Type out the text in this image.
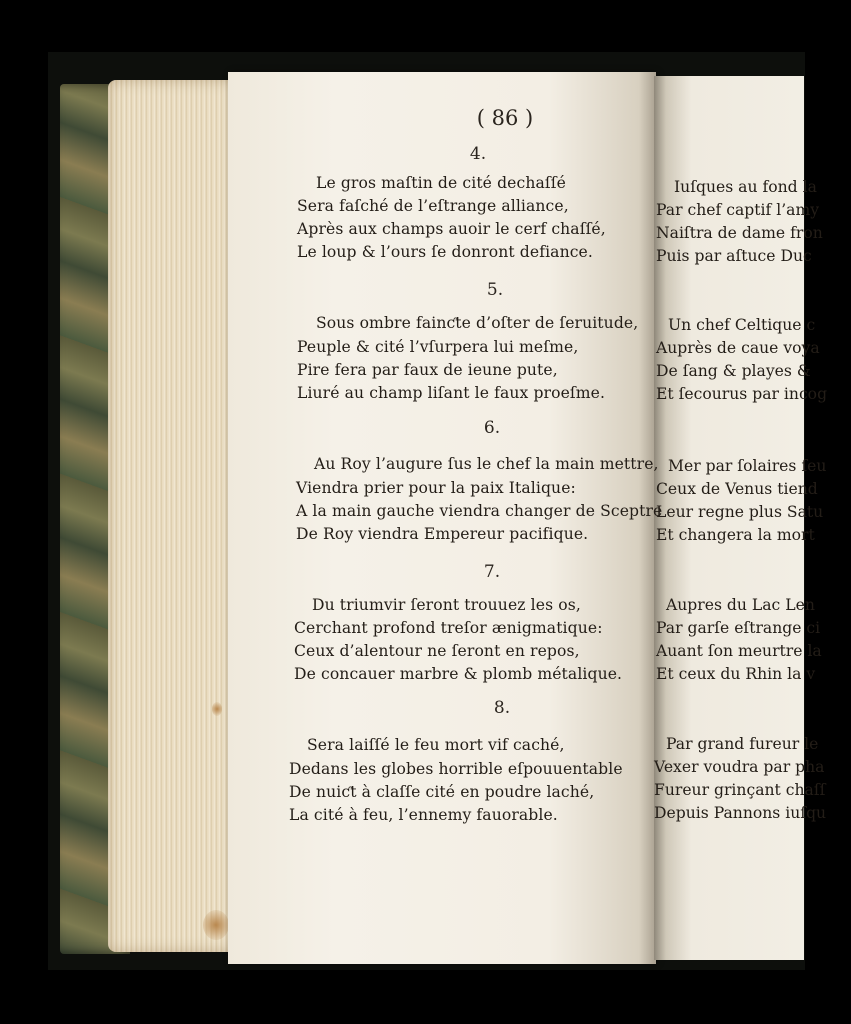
Iuſques au fond la
Par chef captif l’amy
Naiſtra de dame fron
Puis par aſtuce Duc
Un chef Celtique c
Auprès de caue voya
De ſang & playes &
Et ſecourus par incog
Mer par ſolaires ſeu
Ceux de Venus tiend
Leur regne plus Satu
Et changera la mort
Aupres du Lac Len
Par garſe eſtrange ci
Auant ſon meurtre la
Et ceux du Rhin la v
Par grand fureur le
Vexer voudra par pha
Fureur grinçant chaſſ
Depuis Pannons iuſqu
( 86 )
4.
Le gros maſtin de cité dechaſſé
Sera faſché de l’eſtrange alliance,
Après aux champs auoir le cerf chaſſé,
Le loup & l’ours ſe donront defiance.
5.
Sous ombre fainƈte d’oſter de ſeruitude,
Peuple & cité l’vſurpera lui meſme,
Pire fera par faux de ieune pute,
Liuré au champ liſant le faux proeſme.
6.
Au Roy l’augure ſus le chef la main mettre,
Viendra prier pour la paix Italique:
A la main gauche viendra changer de Sceptre
De Roy viendra Empereur pacifique.
7.
Du triumvir ſeront trouuez les os,
Cerchant profond treſor ænigmatique:
Ceux d’alentour ne ſeront en repos,
De concauer marbre & plomb métalique.
8.
Sera laiſſé le feu mort vif caché,
Dedans les globes horrible eſpouuentable
De nuiƈt à claſſe cité en poudre laché,
La cité à feu, l’ennemy fauorable.
